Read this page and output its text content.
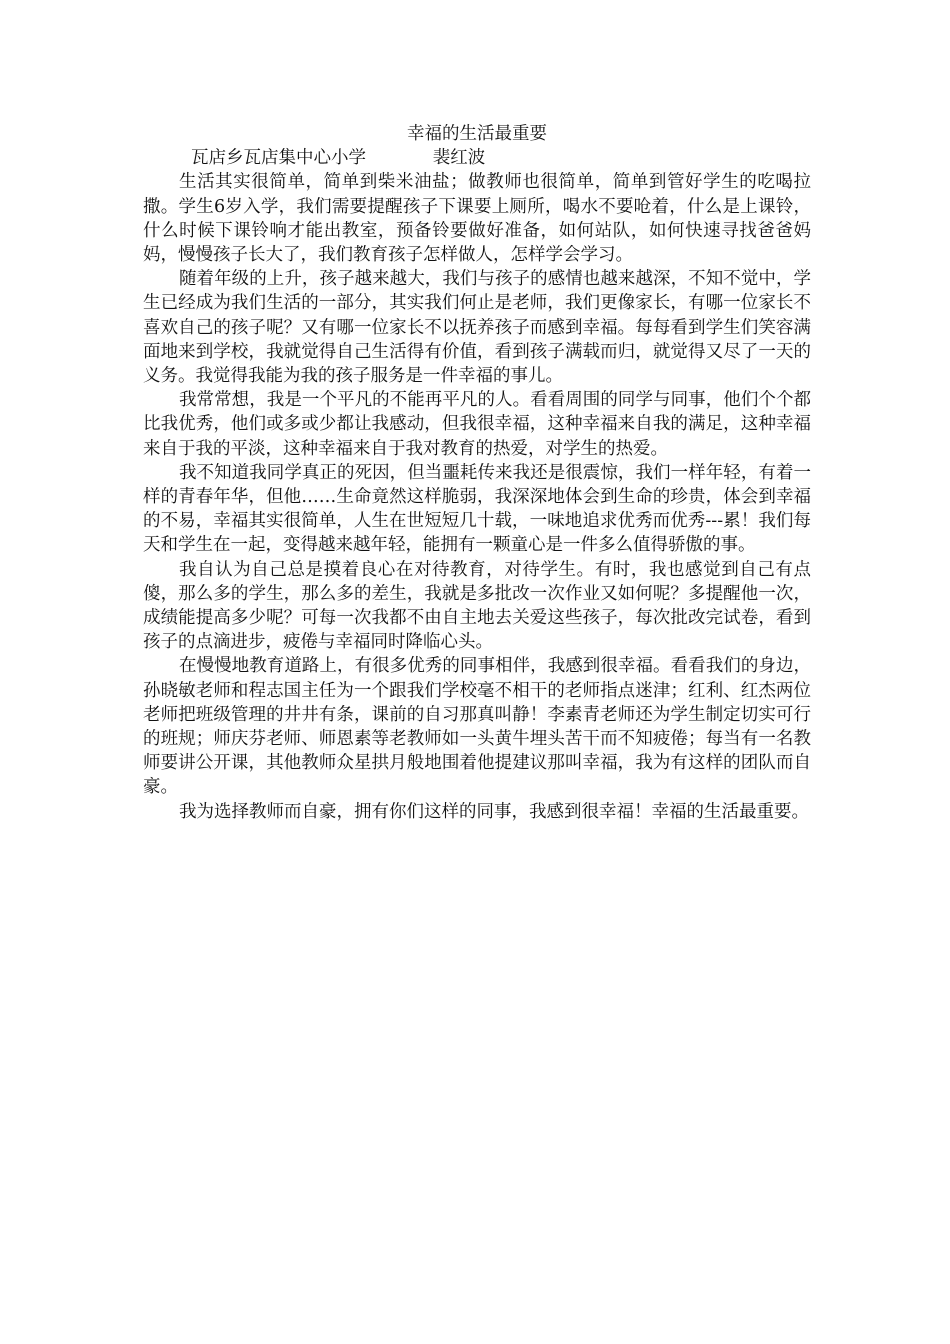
幸福的生活最重要

瓦店乡瓦店集中心小学            裴红波

生活其实很简单，简单到柴米油盐；做教师也很简单，简单到管好学生的吃喝拉撒。学生6岁入学，我们需要提醒孩子下课要上厕所，喝水不要呛着，什么是上课铃，什么时候下课铃响才能出教室，预备铃要做好准备，如何站队，如何快速寻找爸爸妈妈，慢慢孩子长大了，我们教育孩子怎样做人，怎样学会学习。

随着年级的上升，孩子越来越大，我们与孩子的感情也越来越深，不知不觉中，学生已经成为我们生活的一部分，其实我们何止是老师，我们更像家长，有哪一位家长不喜欢自己的孩子呢？又有哪一位家长不以抚养孩子而感到幸福。每每看到学生们笑容满面地来到学校，我就觉得自己生活得有价值，看到孩子满载而归，就觉得又尽了一天的义务。我觉得我能为我的孩子服务是一件幸福的事儿。

我常常想，我是一个平凡的不能再平凡的人。看看周围的同学与同事，他们个个都比我优秀，他们或多或少都让我感动，但我很幸福，这种幸福来自我的满足，这种幸福来自于我的平淡，这种幸福来自于我对教育的热爱，对学生的热爱。

我不知道我同学真正的死因，但当噩耗传来我还是很震惊，我们一样年轻，有着一样的青春年华，但他……生命竟然这样脆弱，我深深地体会到生命的珍贵，体会到幸福的不易，幸福其实很简单，人生在世短短几十载，一味地追求优秀而优秀---累！我们每天和学生在一起，变得越来越年轻，能拥有一颗童心是一件多么值得骄傲的事。

我自认为自己总是摸着良心在对待教育，对待学生。有时，我也感觉到自己有点傻，那么多的学生，那么多的差生，我就是多批改一次作业又如何呢？多提醒他一次，成绩能提高多少呢？可每一次我都不由自主地去关爱这些孩子，每次批改完试卷，看到孩子的点滴进步，疲倦与幸福同时降临心头。

在慢慢地教育道路上，有很多优秀的同事相伴，我感到很幸福。看看我们的身边，孙晓敏老师和程志国主任为一个跟我们学校毫不相干的老师指点迷津；红利、红杰两位老师把班级管理的井井有条，课前的自习那真叫静！李素青老师还为学生制定切实可行的班规；师庆芬老师、师恩素等老教师如一头黄牛埋头苦干而不知疲倦；每当有一名教师要讲公开课，其他教师众星拱月般地围着他提建议那叫幸福，我为有这样的团队而自豪。

我为选择教师而自豪，拥有你们这样的同事，我感到很幸福！幸福的生活最重要。
